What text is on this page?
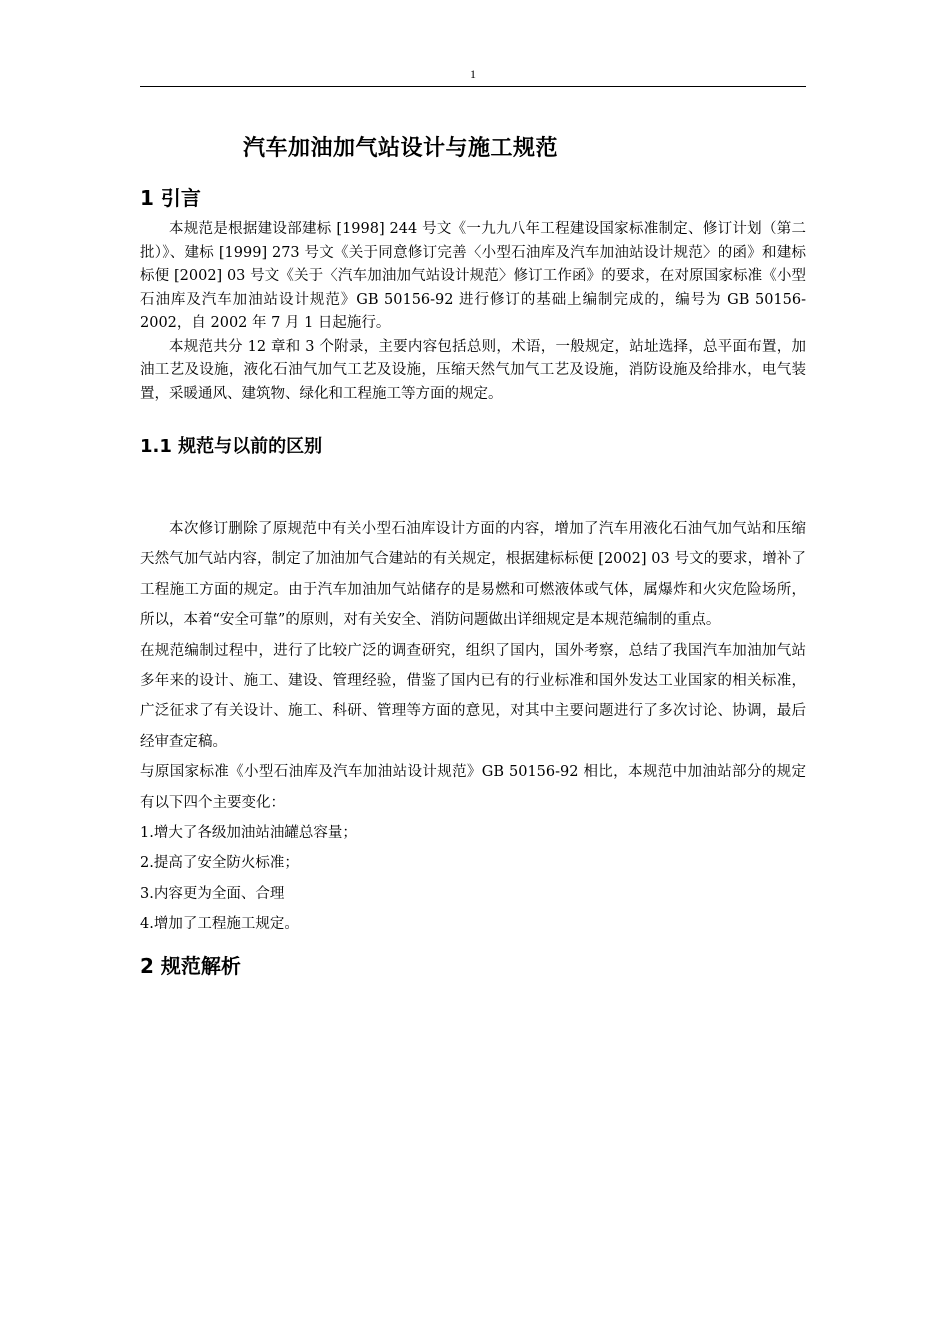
1
汽车加油加气站设计与施工规范
1 引言

本规范是根据建设部建标 [1998] 244 号文《一九九八年工程建设国家标准制定、修订计划（第二批）》、建标 [1999] 273 号文《关于同意修订完善〈小型石油库及汽车加油站设计规范〉的函》和建标标便 [2002] 03 号文《关于〈汽车加油加气站设计规范〉修订工作函》的要求，在对原国家标准《小型石油库及汽车加油站设计规范》GB 50156-92 进行修订的基础上编制完成的，编号为 GB 50156-2002，自 2002 年 7 月 1 日起施行。

本规范共分 12 章和 3 个附录，主要内容包括总则，术语，一般规定，站址选择，总平面布置，加油工艺及设施，液化石油气加气工艺及设施，压缩天然气加气工艺及设施，消防设施及给排水，电气装置，采暖通风、建筑物、绿化和工程施工等方面的规定。

1.1 规范与以前的区别

本次修订删除了原规范中有关小型石油库设计方面的内容，增加了汽车用液化石油气加气站和压缩天然气加气站内容，制定了加油加气合建站的有关规定，根据建标标便 [2002] 03 号文的要求，增补了工程施工方面的规定。由于汽车加油加气站储存的是易燃和可燃液体或气体，属爆炸和火灾危险场所，所以，本着“安全可靠”的原则，对有关安全、消防问题做出详细规定是本规范编制的重点。

在规范编制过程中，进行了比较广泛的调查研究，组织了国内，国外考察，总结了我国汽车加油加气站多年来的设计、施工、建设、管理经验，借鉴了国内已有的行业标准和国外发达工业国家的相关标准，广泛征求了有关设计、施工、科研、管理等方面的意见，对其中主要问题进行了多次讨论、协调，最后经审查定稿。

与原国家标准《小型石油库及汽车加油站设计规范》GB 50156-92 相比，本规范中加油站部分的规定有以下四个主要变化：

1.增大了各级加油站油罐总容量；

2.提高了安全防火标准；

3.内容更为全面、合理

4.增加了工程施工规定。

2 规范解析
